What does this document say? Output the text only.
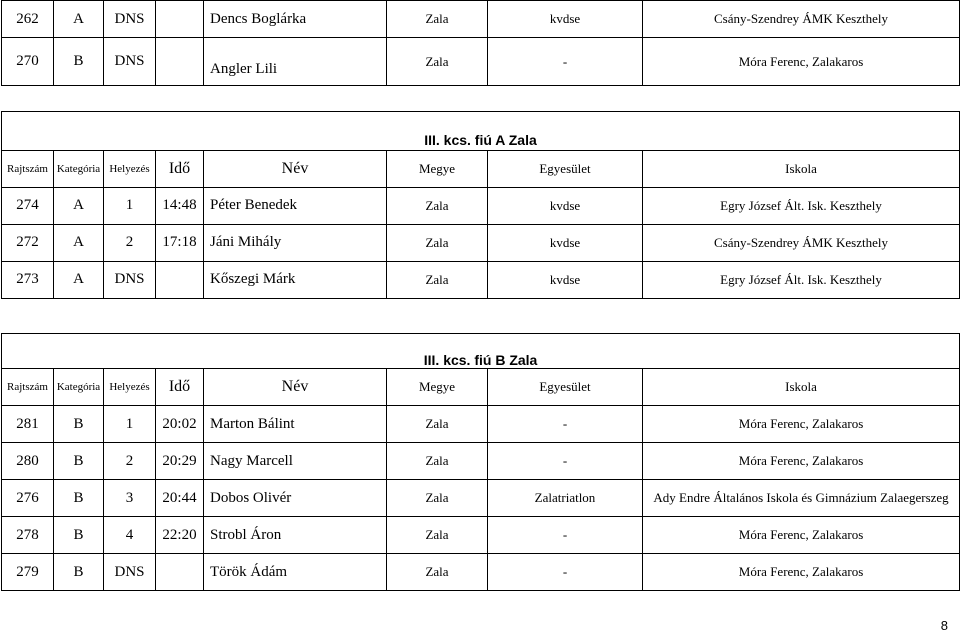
262	A	DNS		Dencs Boglárka	Zala	kvdse	Csány-Szendrey ÁMK Keszthely
270	B	DNS		Angler Lili	Zala	-	Móra Ferenc, Zalakaros

III. kcs. fiú A Zala							
Rajtszám	Kategória	Helyezés	Idő	Név	Megye	Egyesület	Iskola
274	A	1	14:48	Péter Benedek	Zala	kvdse	Egry József Ált. Isk. Keszthely
272	A	2	17:18	Jáni Mihály	Zala	kvdse	Csány-Szendrey ÁMK Keszthely
273	A	DNS		Kőszegi Márk	Zala	kvdse	Egry József Ált. Isk. Keszthely
III. kcs. fiú B Zala							
Rajtszám	Kategória	Helyezés	Idő	Név	Megye	Egyesület	Iskola
281	B	1	20:02	Marton Bálint	Zala	-	Móra Ferenc, Zalakaros
280	B	2	20:29	Nagy Marcell	Zala	-	Móra Ferenc, Zalakaros
276	B	3	20:44	Dobos Olivér	Zala	Zalatriatlon	Ady Endre Általános Iskola és Gimnázium Zalaegerszeg
278	B	4	22:20	Strobl Áron	Zala	-	Móra Ferenc, Zalakaros
279	B	DNS		Török Ádám	Zala	-	Móra Ferenc, Zalakaros
8
